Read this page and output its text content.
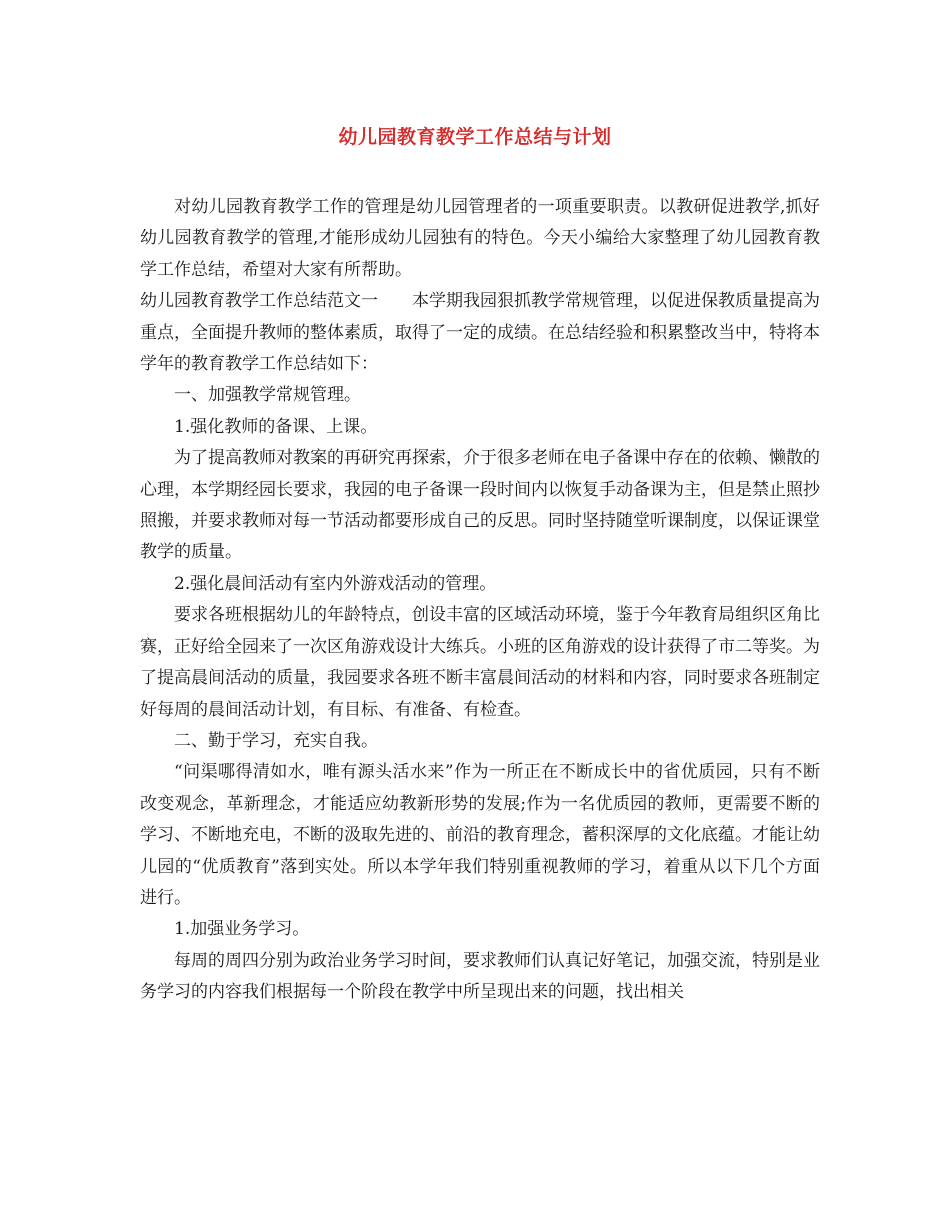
幼儿园教育教学工作总结与计划

对幼儿园教育教学工作的管理是幼儿园管理者的一项重要职责。以教研促进教学,抓好幼儿园教育教学的管理,才能形成幼儿园独有的特色。今天小编给大家整理了幼儿园教育教学工作总结，希望对大家有所帮助。

幼儿园教育教学工作总结范文一　　本学期我园狠抓教学常规管理，以促进保教质量提高为重点，全面提升教师的整体素质，取得了一定的成绩。在总结经验和积累整改当中，特将本学年的教育教学工作总结如下：

一、加强教学常规管理。

1.强化教师的备课、上课。

为了提高教师对教案的再研究再探索，介于很多老师在电子备课中存在的依赖、懒散的心理，本学期经园长要求，我园的电子备课一段时间内以恢复手动备课为主，但是禁止照抄照搬，并要求教师对每一节活动都要形成自己的反思。同时坚持随堂听课制度，以保证课堂教学的质量。

2.强化晨间活动有室内外游戏活动的管理。

要求各班根据幼儿的年龄特点，创设丰富的区域活动环境，鉴于今年教育局组织区角比赛，正好给全园来了一次区角游戏设计大练兵。小班的区角游戏的设计获得了市二等奖。为了提高晨间活动的质量，我园要求各班不断丰富晨间活动的材料和内容，同时要求各班制定好每周的晨间活动计划，有目标、有准备、有检查。

二、勤于学习，充实自我。

“问渠哪得清如水，唯有源头活水来”作为一所正在不断成长中的省优质园，只有不断改变观念，革新理念，才能适应幼教新形势的发展;作为一名优质园的教师，更需要不断的学习、不断地充电，不断的汲取先进的、前沿的教育理念，蓄积深厚的文化底蕴。才能让幼儿园的“优质教育”落到实处。所以本学年我们特别重视教师的学习，着重从以下几个方面进行。

1.加强业务学习。

每周的周四分别为政治业务学习时间，要求教师们认真记好笔记，加强交流，特别是业务学习的内容我们根据每一个阶段在教学中所呈现出来的问题，找出相关
